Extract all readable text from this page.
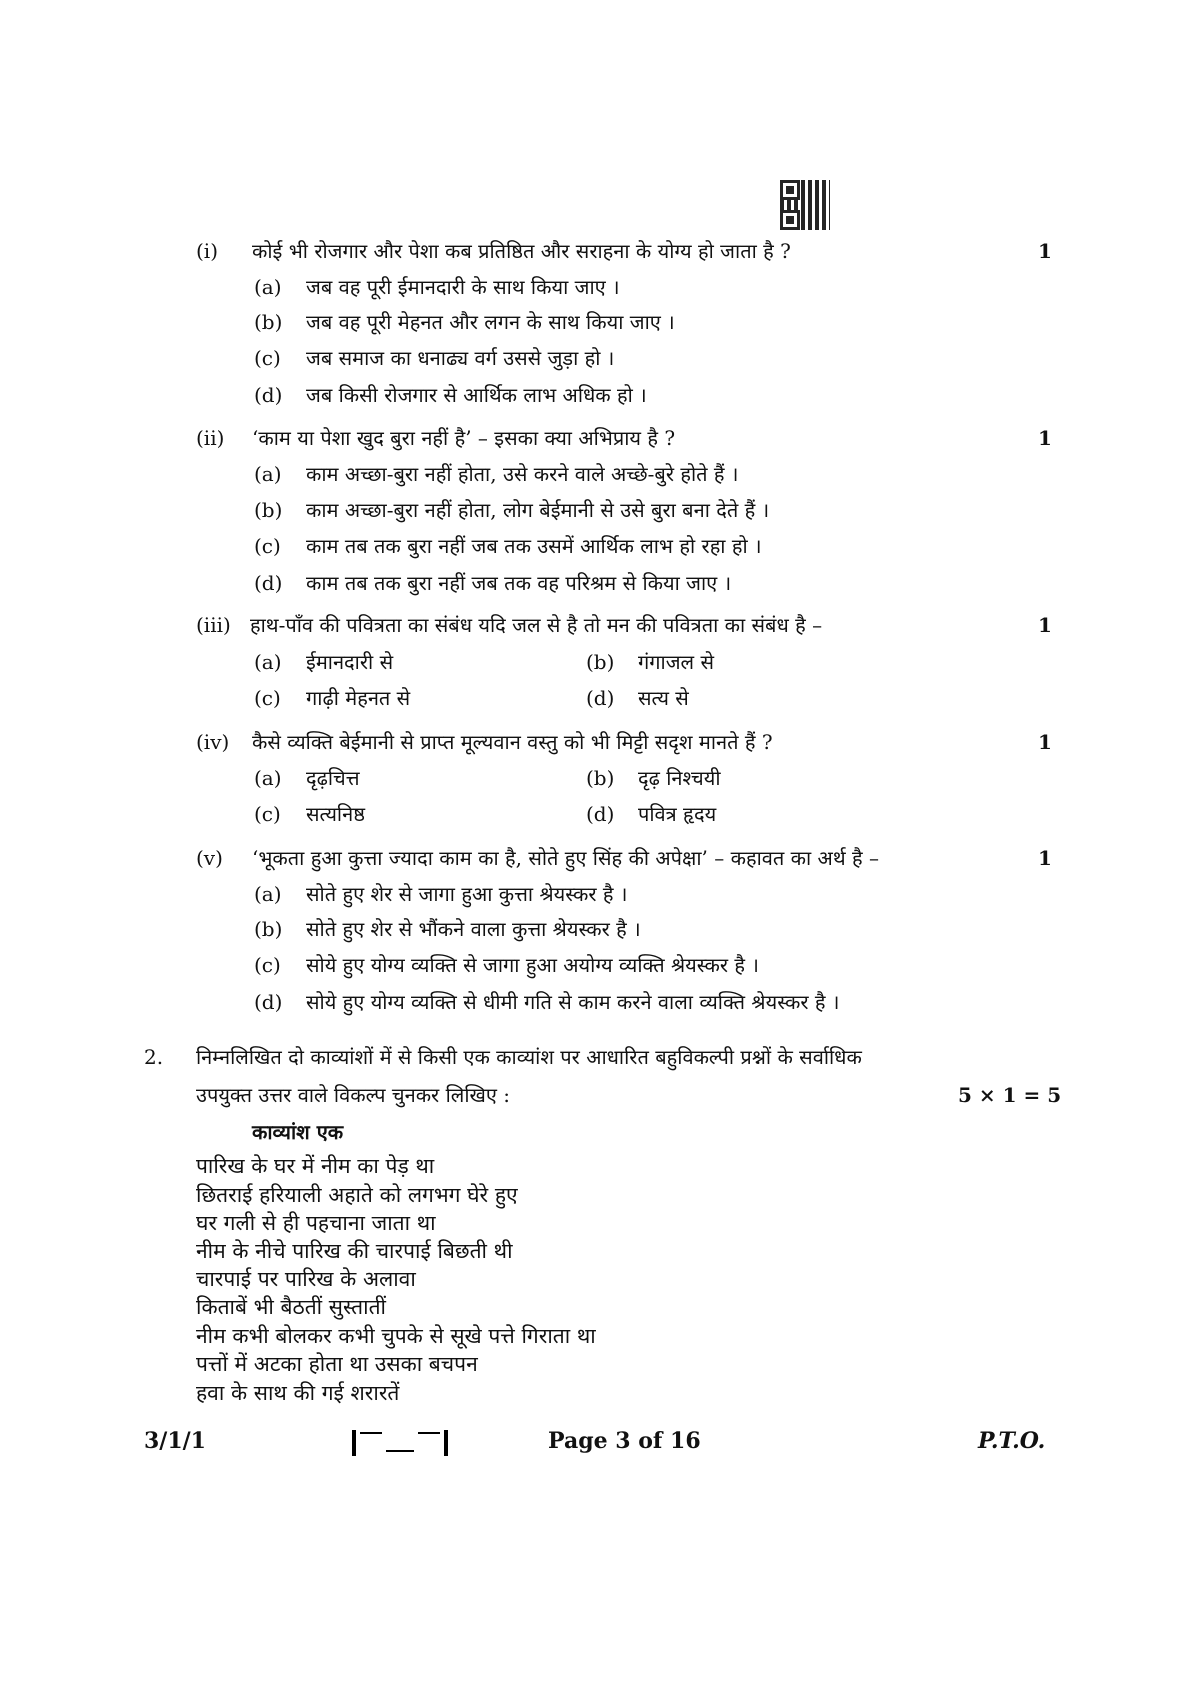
(i) कोई भी रोजगार और पेशा कब प्रतिष्ठित और सराहना के योग्य हो जाता है ?	1
(a) जब वह पूरी ईमानदारी के साथ किया जाए ।
(b) जब वह पूरी मेहनत और लगन के साथ किया जाए ।
(c) जब समाज का धनाढ्य वर्ग उससे जुड़ा हो ।
(d) जब किसी रोजगार से आर्थिक लाभ अधिक हो ।
(ii) ‘काम या पेशा खुद बुरा नहीं है’ – इसका क्या अभिप्राय है ?	1
(a) काम अच्छा-बुरा नहीं होता, उसे करने वाले अच्छे-बुरे होते हैं ।
(b) काम अच्छा-बुरा नहीं होता, लोग बेईमानी से उसे बुरा बना देते हैं ।
(c) काम तब तक बुरा नहीं जब तक उसमें आर्थिक लाभ हो रहा हो ।
(d) काम तब तक बुरा नहीं जब तक वह परिश्रम से किया जाए ।
(iii) हाथ-पाँव की पवित्रता का संबंध यदि जल से है तो मन की पवित्रता का संबंध है –	1
(a) ईमानदारी से	(b) गंगाजल से
(c) गाढ़ी मेहनत से	(d) सत्य से
(iv) कैसे व्यक्ति बेईमानी से प्राप्त मूल्यवान वस्तु को भी मिट्टी सदृश मानते हैं ?	1
(a) दृढ़चित्त	(b) दृढ़ निश्चयी
(c) सत्यनिष्ठ	(d) पवित्र हृदय
(v) ‘भूकता हुआ कुत्ता ज्यादा काम का है, सोते हुए सिंह की अपेक्षा’ – कहावत का अर्थ है –	1
(a) सोते हुए शेर से जागा हुआ कुत्ता श्रेयस्कर है ।
(b) सोते हुए शेर से भौंकने वाला कुत्ता श्रेयस्कर है ।
(c) सोये हुए योग्य व्यक्ति से जागा हुआ अयोग्य व्यक्ति श्रेयस्कर है ।
(d) सोये हुए योग्य व्यक्ति से धीमी गति से काम करने वाला व्यक्ति श्रेयस्कर है ।
2. निम्नलिखित दो काव्यांशों में से किसी एक काव्यांश पर आधारित बहुविकल्पी प्रश्नों के सर्वाधिक
उपयुक्त उत्तर वाले विकल्प चुनकर लिखिए :	5 × 1 = 5
काव्यांश एक
पारिख के घर में नीम का पेड़ था
छितराई हरियाली अहाते को लगभग घेरे हुए
घर गली से ही पहचाना जाता था
नीम के नीचे पारिख की चारपाई बिछती थी
चारपाई पर पारिख के अलावा
किताबें भी बैठतीं सुस्तातीं
नीम कभी बोलकर कभी चुपके से सूखे पत्ते गिराता था
पत्तों में अटका होता था उसका बचपन
हवा के साथ की गई शरारतें
3/1/1	Page 3 of 16	P.T.O.
